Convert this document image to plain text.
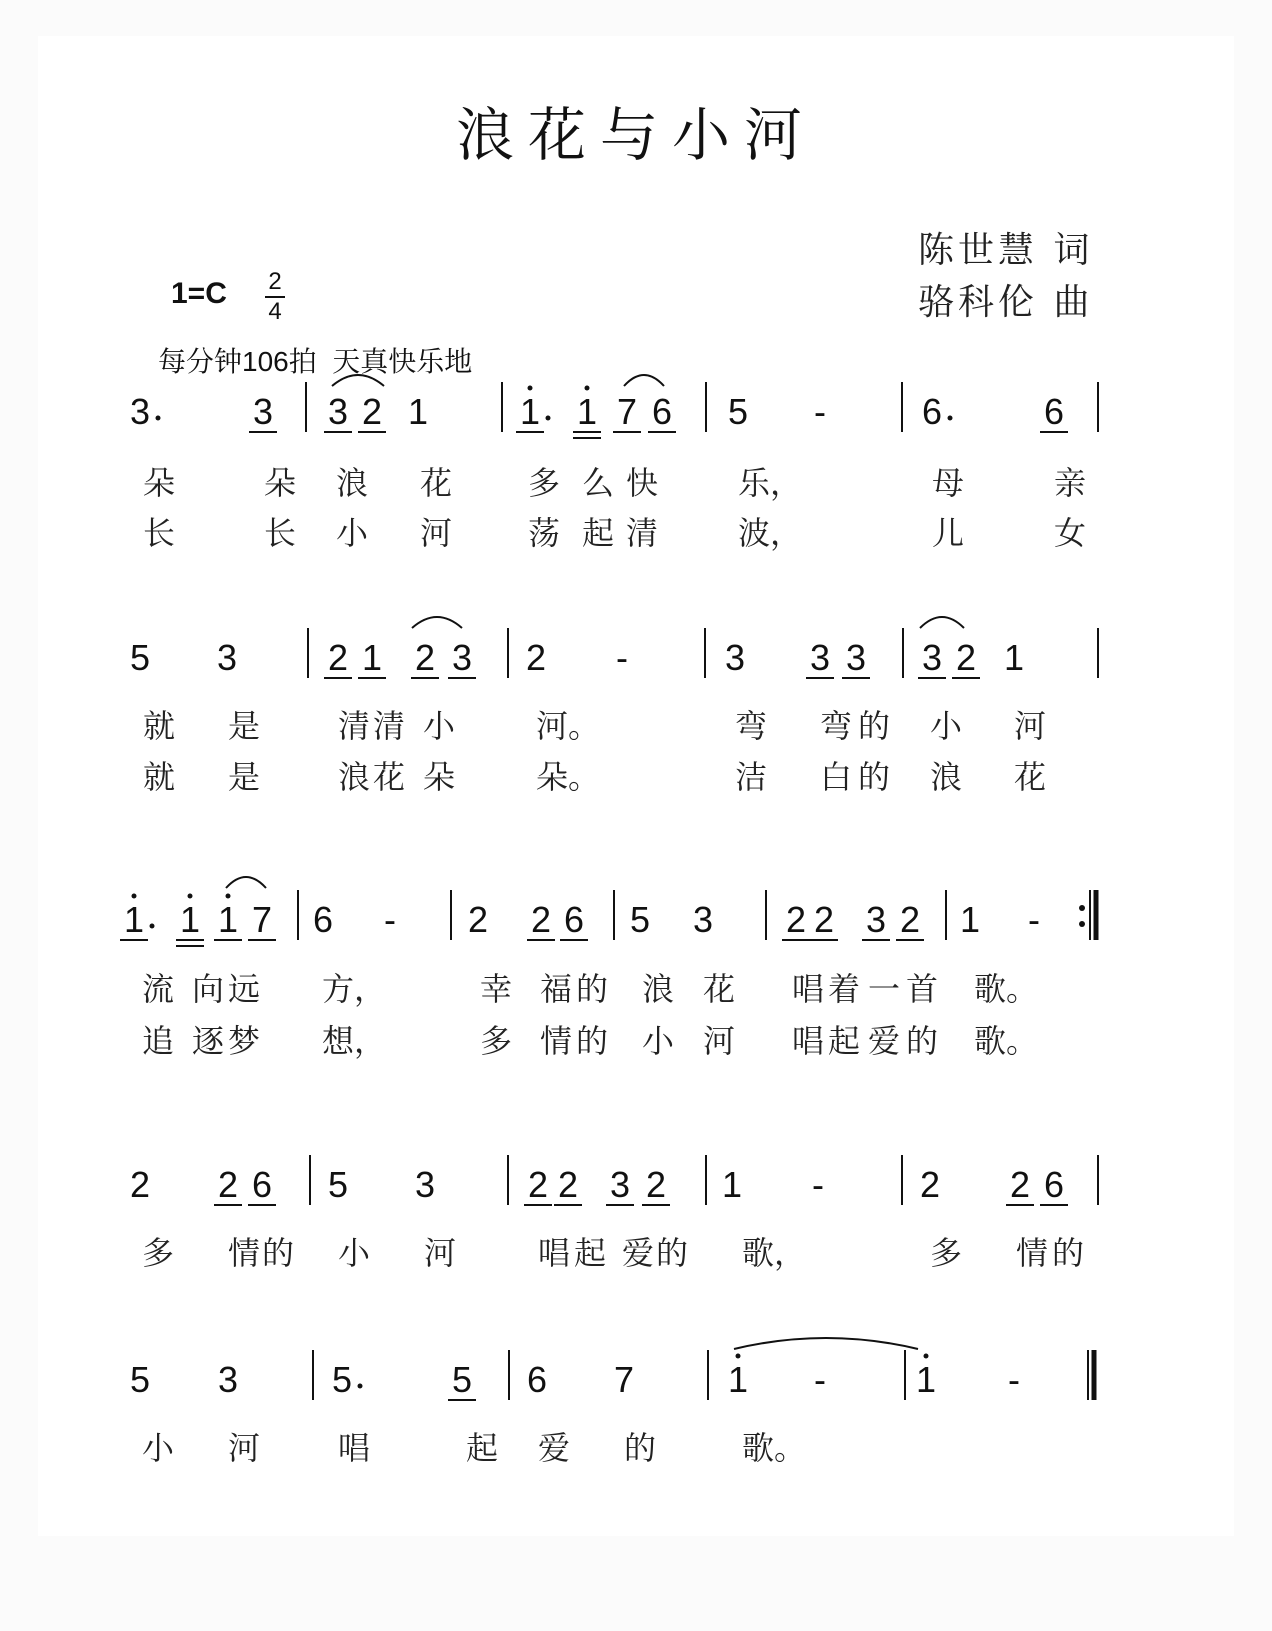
浪花与小河
陈世慧 词
骆科伦 曲
1=C 2
4
每分钟106拍  天真快乐地
3	3 3 2 1	1 1 7 6 5 -	6	6
朵	朵 浪 花 多 么 快 乐，	母	亲
长	长 小 河 荡 起 清 波，	儿	女
5 3	2 1 2 3 2 -	3 3 3 3 2 1
就 是 清 清 小	河。	弯 弯 的 小 河
就 是 浪 花 朵	朵。	洁 白 的 浪 花
1 1 1 7 6 - 2 2 6 5 3 2 2 3 2 1 -
流 向 远 方，	幸 福 的 浪 花 唱 着 一 首 歌。
追 逐 梦 想，	多 情 的 小 河 唱 起 爱 的 歌。
2 2 6 5 3	2 2 3 2 1 -	2 2 6
多 情 的 小 河	唱 起 爱 的 歌，	多 情 的
5 3	5	5 6 7	1 - 1 -
小 河 唱	起 爱 的	歌。
